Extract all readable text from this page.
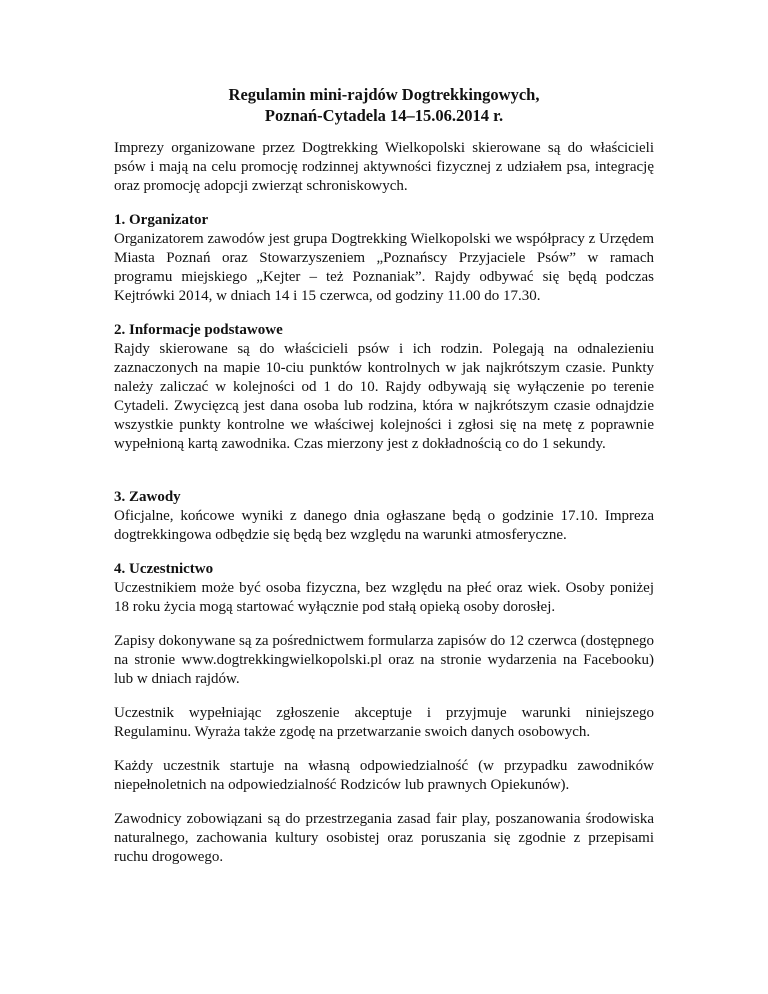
Regulamin mini-rajdów Dogtrekkingowych,
Poznań-Cytadela 14–15.06.2014 r.

Imprezy organizowane przez Dogtrekking Wielkopolski skierowane są do właścicieli psów i mają na celu promocję rodzinnej aktywności fizycznej z udziałem psa, integrację oraz promocję adopcji zwierząt schroniskowych.

1. Organizator

Organizatorem zawodów jest grupa Dogtrekking Wielkopolski we współpracy z Urzędem Miasta Poznań oraz Stowarzyszeniem „Poznańscy Przyjaciele Psów” w ramach programu miejskiego „Kejter – też Poznaniak”. Rajdy odbywać się będą podczas Kejtrówki 2014, w dniach 14 i 15 czerwca, od godziny 11.00 do 17.30.

2. Informacje podstawowe

Rajdy skierowane są do właścicieli psów i ich rodzin. Polegają na odnalezieniu zaznaczonych na mapie 10-ciu punktów kontrolnych w jak najkrótszym czasie. Punkty należy zaliczać w kolejności od 1 do 10. Rajdy odbywają się wyłączenie po terenie Cytadeli. Zwycięzcą jest dana osoba lub rodzina, która w najkrótszym czasie odnajdzie wszystkie punkty kontrolne we właściwej kolejności i zgłosi się na metę z poprawnie wypełnioną kartą zawodnika. Czas mierzony jest z dokładnością co do 1 sekundy.

3. Zawody

Oficjalne, końcowe wyniki z danego dnia ogłaszane będą o godzinie 17.10. Impreza dogtrekkingowa odbędzie się będą bez względu na warunki atmosferyczne.

4. Uczestnictwo

Uczestnikiem może być osoba fizyczna, bez względu na płeć oraz wiek. Osoby poniżej 18 roku życia mogą startować wyłącznie pod stałą opieką osoby dorosłej.

Zapisy dokonywane są za pośrednictwem formularza zapisów do 12 czerwca (dostępnego na stronie www.dogtrekkingwielkopolski.pl oraz na stronie wydarzenia na Facebooku) lub w dniach rajdów.

Uczestnik wypełniając zgłoszenie akceptuje i przyjmuje warunki niniejszego Regulaminu. Wyraża także zgodę na przetwarzanie swoich danych osobowych.

Każdy uczestnik startuje na własną odpowiedzialność (w przypadku zawodników niepełnoletnich na odpowiedzialność Rodziców lub prawnych Opiekunów).

Zawodnicy zobowiązani są do przestrzegania zasad fair play, poszanowania środowiska naturalnego, zachowania kultury osobistej oraz poruszania się zgodnie z przepisami ruchu drogowego.
